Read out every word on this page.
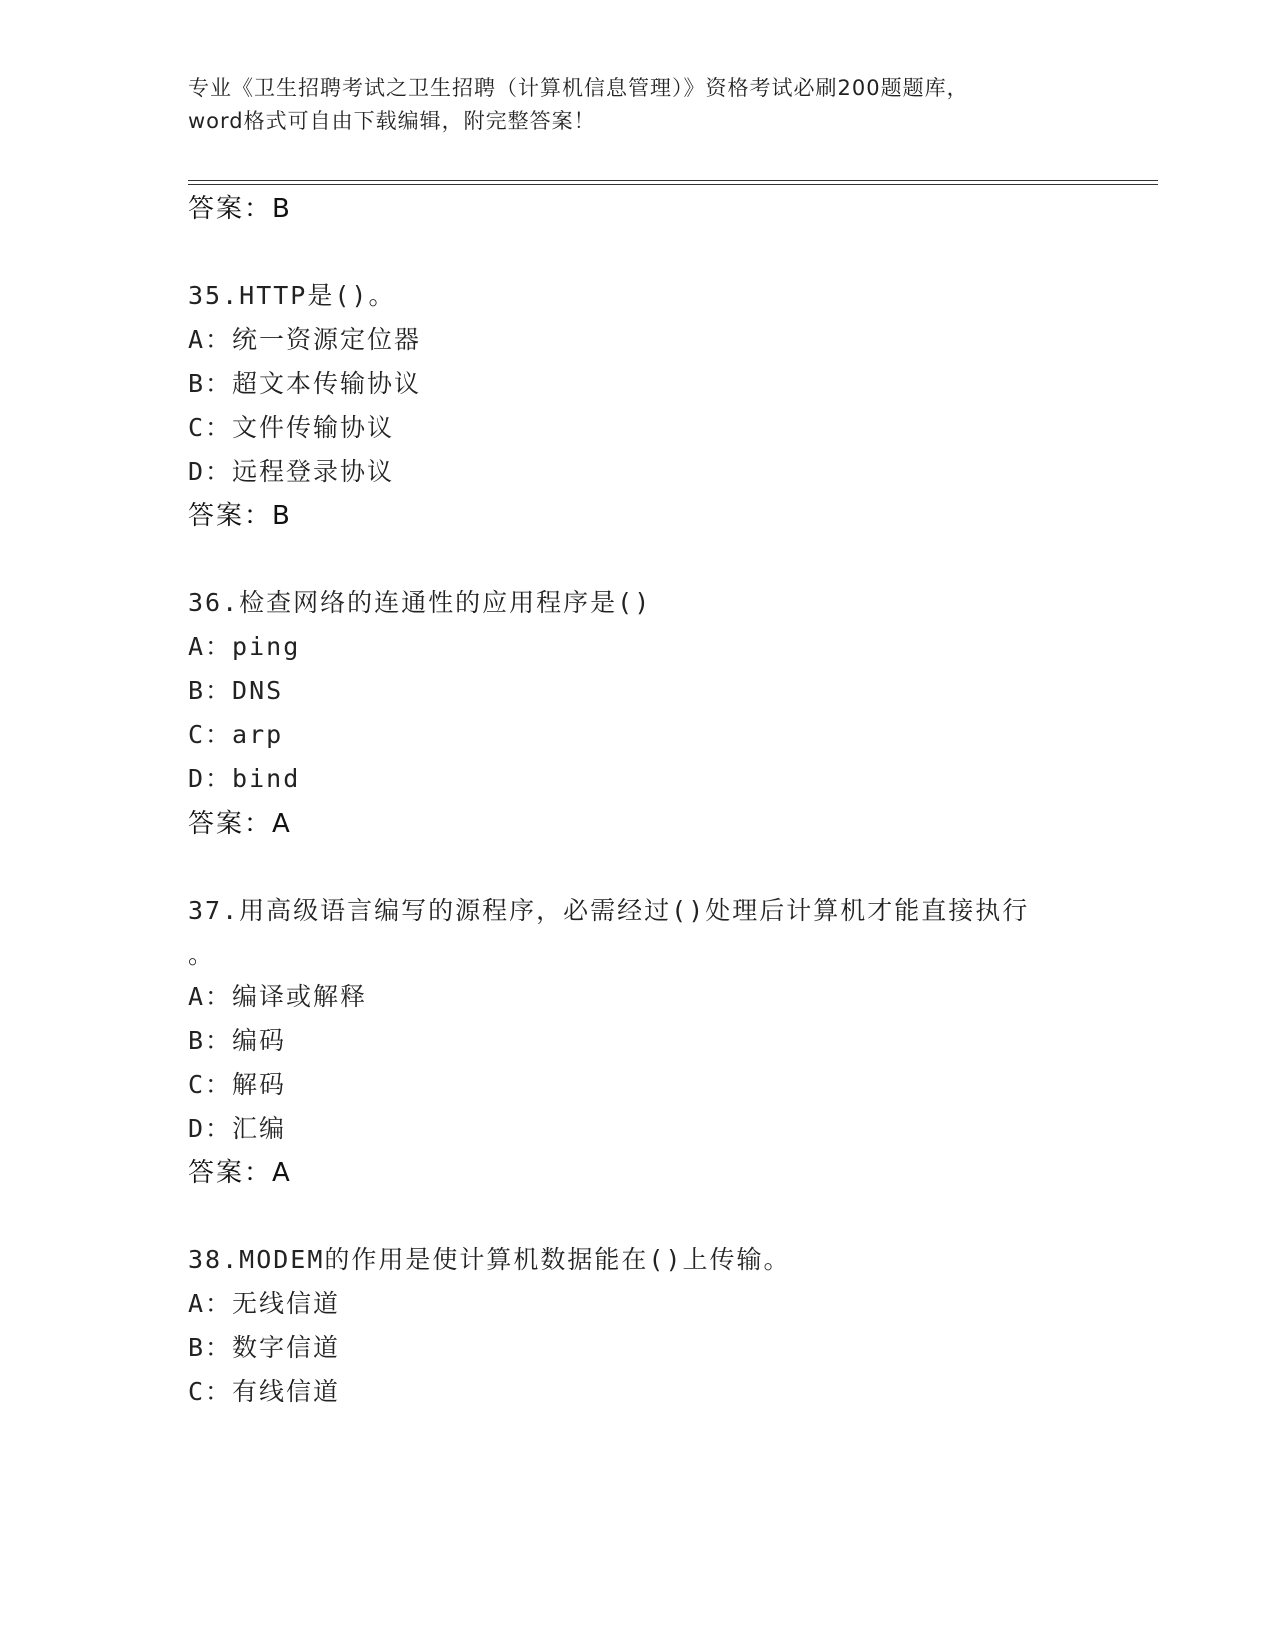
专业《卫生招聘考试之卫生招聘（计算机信息管理）》资格考试必刷200题题库，
word格式可自由下载编辑，附完整答案！
答案：B
35.HTTP是()。
A：统一资源定位器
B：超文本传输协议
C：文件传输协议
D：远程登录协议
答案：B
36.检查网络的连通性的应用程序是()
A：ping
B：DNS
C：arp
D：bind
答案：A
37.用高级语言编写的源程序，必需经过()处理后计算机才能直接执行
。
A：编译或解释
B：编码
C：解码
D：汇编
答案：A
38.MODEM的作用是使计算机数据能在()上传输。
A：无线信道
B：数字信道
C：有线信道
